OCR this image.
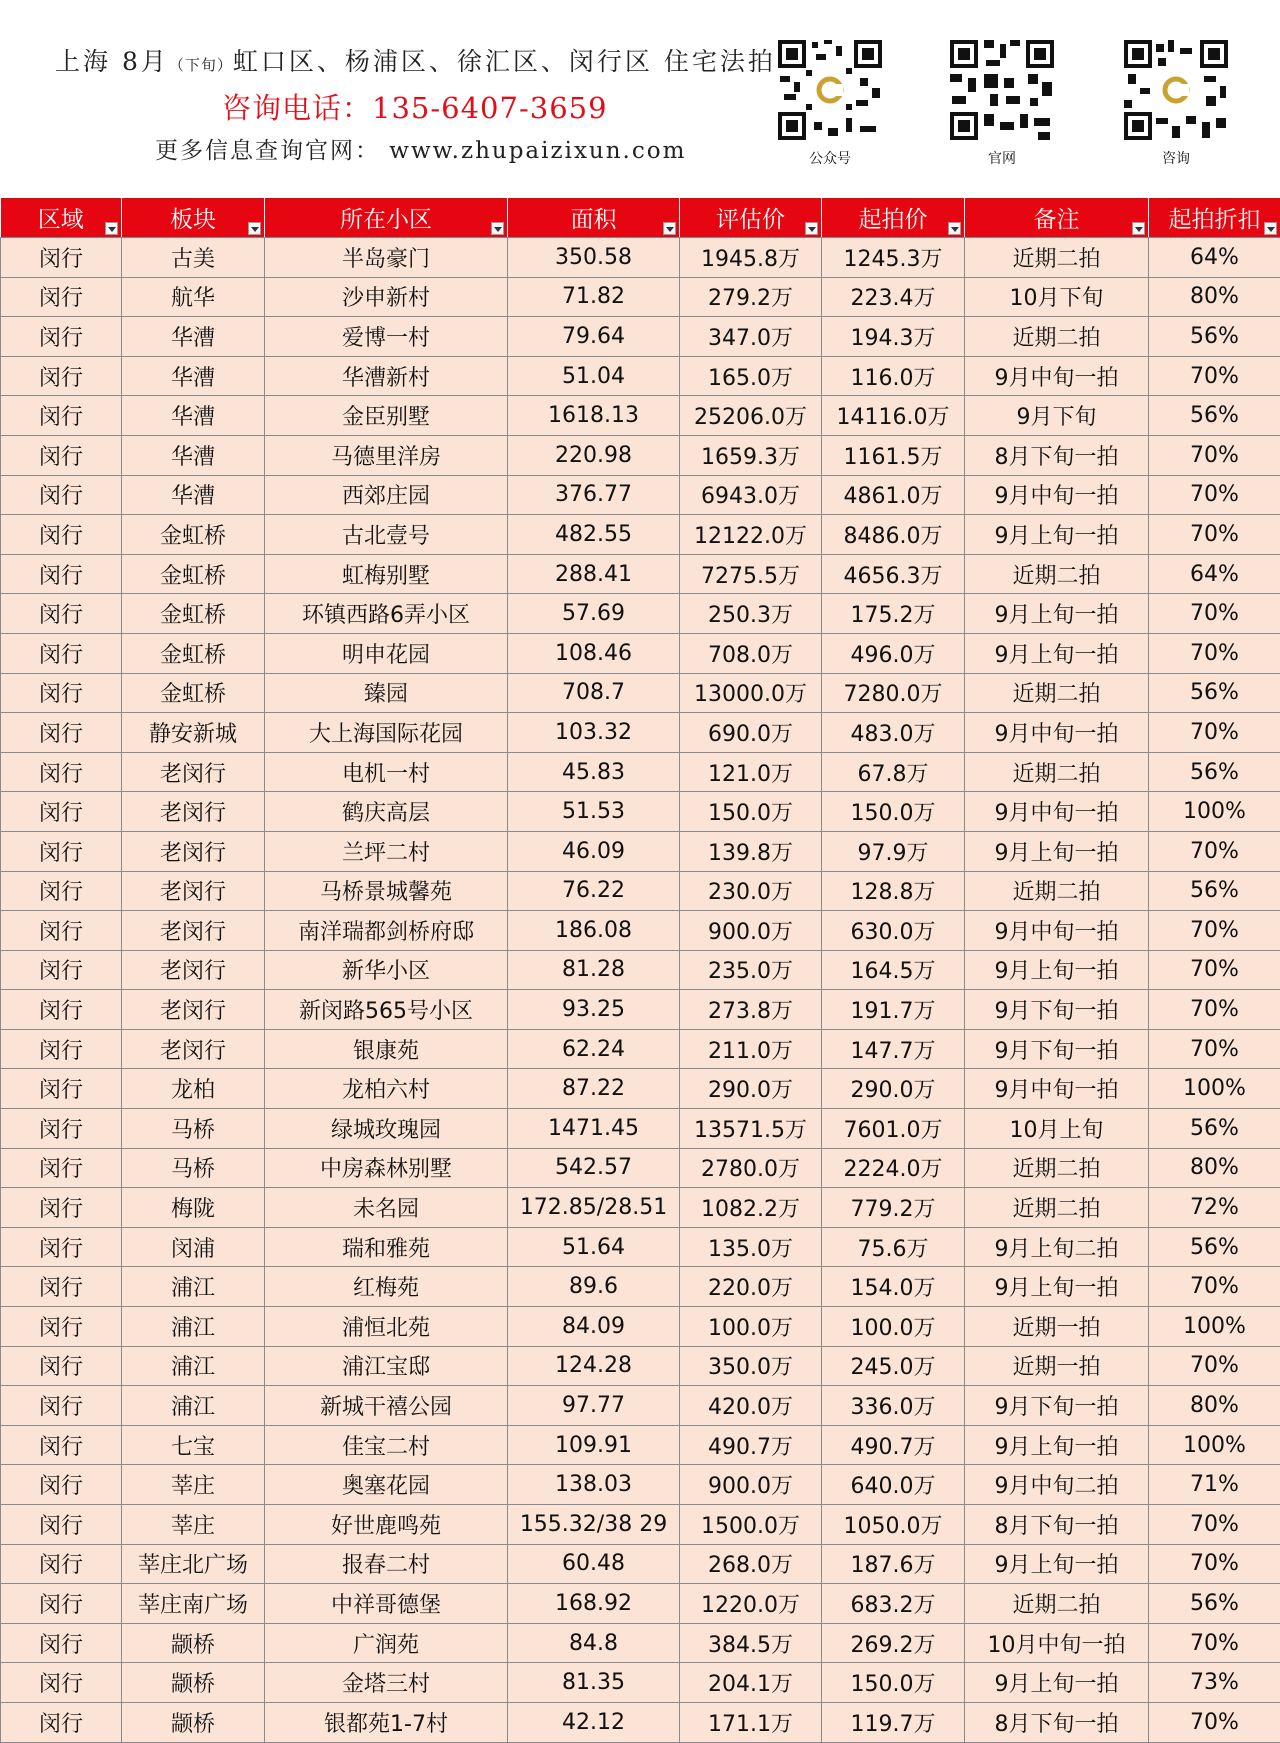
上海 8月（下旬）虹口区、杨浦区、徐汇区、闵行区 住宅法拍
咨询电话：135-6407-3659
更多信息查询官网： www.zhupaizixun.com	公众号	官网	咨询
区域	板块	所在小区	面积	评估价	起拍价	备注	起拍折扣

闵行	古美	半岛豪门	350.58	1945.8万	1245.3万	近期二拍	64%
闵行	航华	沙申新村	71.82	279.2万	223.4万	10月下旬	80%
闵行	华漕	爱博一村	79.64	347.0万	194.3万	近期二拍	56%
闵行	华漕	华漕新村	51.04	165.0万	116.0万	9月中旬一拍	70%
闵行	华漕	金臣别墅	1618.13	25206.0万	14116.0万	9月下旬	56%
闵行	华漕	马德里洋房	220.98	1659.3万	1161.5万	8月下旬一拍	70%
闵行	华漕	西郊庄园	376.77	6943.0万	4861.0万	9月中旬一拍	70%
闵行	金虹桥	古北壹号	482.55	12122.0万	8486.0万	9月上旬一拍	70%
闵行	金虹桥	虹梅别墅	288.41	7275.5万	4656.3万	近期二拍	64%
闵行	金虹桥	环镇西路6弄小区	57.69	250.3万	175.2万	9月上旬一拍	70%
闵行	金虹桥	明申花园	108.46	708.0万	496.0万	9月上旬一拍	70%
闵行	金虹桥	臻园	708.7	13000.0万	7280.0万	近期二拍	56%
闵行	静安新城	大上海国际花园	103.32	690.0万	483.0万	9月中旬一拍	70%
闵行	老闵行	电机一村	45.83	121.0万	67.8万	近期二拍	56%
闵行	老闵行	鹤庆高层	51.53	150.0万	150.0万	9月中旬一拍	100%
闵行	老闵行	兰坪二村	46.09	139.8万	97.9万	9月上旬一拍	70%
闵行	老闵行	马桥景城馨苑	76.22	230.0万	128.8万	近期二拍	56%
闵行	老闵行	南洋瑞都剑桥府邸	186.08	900.0万	630.0万	9月中旬一拍	70%
闵行	老闵行	新华小区	81.28	235.0万	164.5万	9月上旬一拍	70%
闵行	老闵行	新闵路565号小区	93.25	273.8万	191.7万	9月下旬一拍	70%
闵行	老闵行	银康苑	62.24	211.0万	147.7万	9月下旬一拍	70%
闵行	龙柏	龙柏六村	87.22	290.0万	290.0万	9月中旬一拍	100%
闵行	马桥	绿城玫瑰园	1471.45	13571.5万	7601.0万	10月上旬	56%
闵行	马桥	中房森林别墅	542.57	2780.0万	2224.0万	近期二拍	80%
闵行	梅陇	未名园	172.85/28.51	1082.2万	779.2万	近期二拍	72%
闵行	闵浦	瑞和雅苑	51.64	135.0万	75.6万	9月上旬二拍	56%
闵行	浦江	红梅苑	89.6	220.0万	154.0万	9月上旬一拍	70%
闵行	浦江	浦恒北苑	84.09	100.0万	100.0万	近期一拍	100%
闵行	浦江	浦江宝邸	124.28	350.0万	245.0万	近期一拍	70%
闵行	浦江	新城干禧公园	97.77	420.0万	336.0万	9月下旬一拍	80%
闵行	七宝	佳宝二村	109.91	490.7万	490.7万	9月上旬一拍	100%
闵行	莘庄	奥塞花园	138.03	900.0万	640.0万	9月中旬二拍	71%
闵行	莘庄	好世鹿鸣苑	155.32/38 29	1500.0万	1050.0万	8月下旬一拍	70%
闵行	莘庄北广场	报春二村	60.48	268.0万	187.6万	9月上旬一拍	70%
闵行	莘庄南广场	中祥哥德堡	168.92	1220.0万	683.2万	近期二拍	56%
闵行	颛桥	广润苑	84.8	384.5万	269.2万	10月中旬一拍	70%
闵行	颛桥	金塔三村	81.35	204.1万	150.0万	9月上旬一拍	73%
闵行	颛桥	银都苑1-7村	42.12	171.1万	119.7万	8月下旬一拍	70%
